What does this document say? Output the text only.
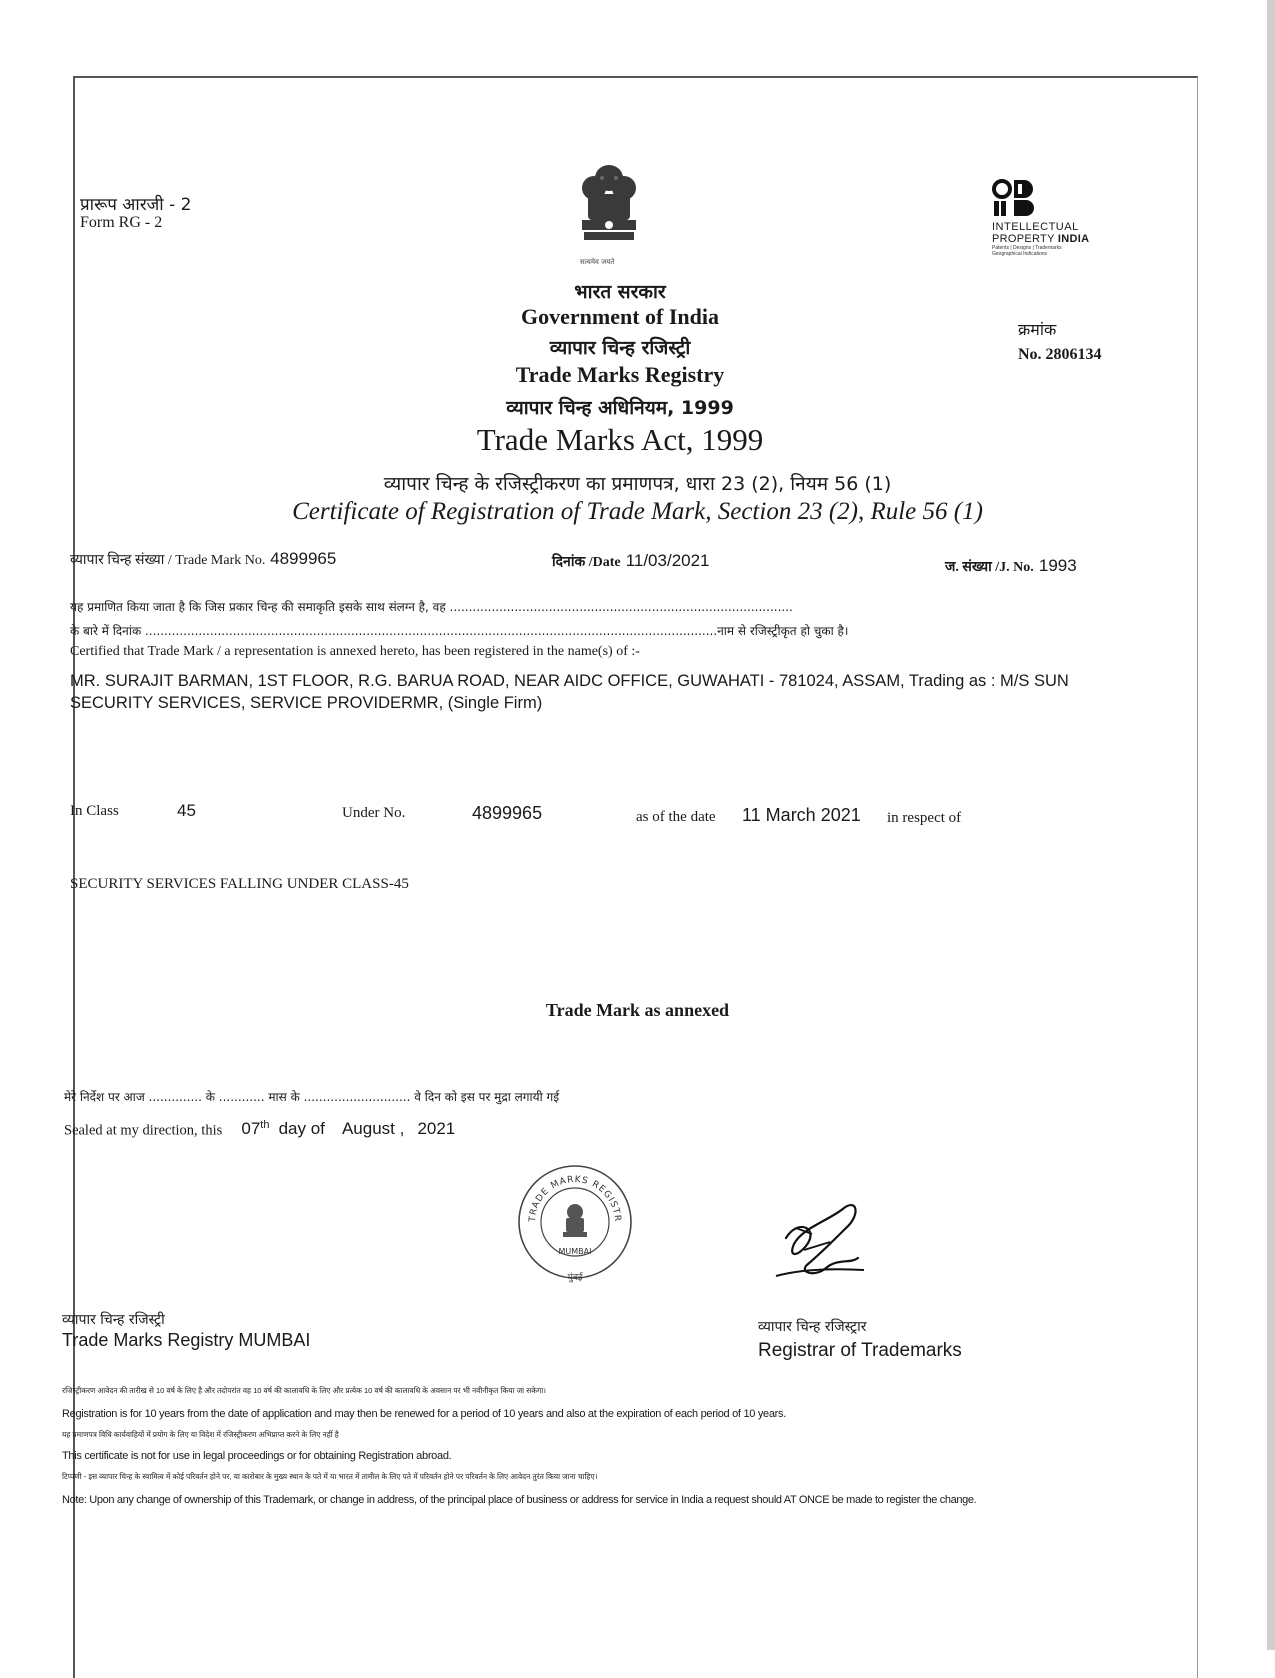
प्रारूप आरजी - 2
Form RG - 2
सत्यमेव जयते
INTELLECTUAL
PROPERTY INDIA
Patents | Designs | Trademarks
Geographical Indications
क्रमांक
No. 2806134
भारत सरकार
Government of India
व्यापार चिन्ह रजिस्ट्री
Trade Marks Registry
व्यापार चिन्ह अधिनियम, 1999
Trade Marks Act, 1999
व्यापार चिन्ह के रजिस्ट्रीकरण का प्रमाणपत्र, धारा 23 (2), नियम 56 (1)
Certificate of Registration of Trade Mark, Section 23 (2), Rule 56 (1)
व्यापार चिन्ह संख्या / Trade Mark No. 4899965	दिनांक /Date 11/03/2021	ज. संख्या /J. No. 1993
यह प्रमाणित किया जाता है कि जिस प्रकार चिन्ह की समाकृति इसके साथ संलग्न है, वह ..........................................................................................
के बारे में दिनांक ......................................................................................................................................................नाम से रजिस्ट्रीकृत हो चुका है।
Certified that Trade Mark / a representation is annexed hereto, has been registered in the name(s) of :-
MR. SURAJIT BARMAN, 1ST FLOOR, R.G. BARUA ROAD, NEAR AIDC OFFICE, GUWAHATI - 781024, ASSAM, Trading as : M/S SUN
SECURITY SERVICES, SERVICE PROVIDERMR, (Single Firm)
In Class	45	Under No.	4899965	as of the date 11 March 2021 in respect of
SECURITY SERVICES FALLING UNDER CLASS-45
Trade Mark as annexed
मेरे निर्देश पर आज .............. के ............ मास के ............................ वे दिन को इस पर मुद्रा लगायी गई
Sealed at my direction, this 07th day of August , 2021
TRADE MARKS REGISTR
MUMBAI
मुंबई
व्यापार चिन्ह रजिस्ट्री
Trade Marks Registry MUMBAI
व्यापार चिन्ह रजिस्ट्रार
Registrar of Trademarks
रजिस्ट्रीकरण आवेदन की तारीख से 10 वर्ष के लिए है और तदोपरांत वह 10 वर्ष की कालावधि के लिए और प्रत्येक 10 वर्ष की कालावधि के अवसान पर भी नवीनीकृत किया जा सकेगा।
Registration is for 10 years from the date of application and may then be renewed for a period of 10 years and also at the expiration of each period of 10 years.
यह प्रमाणपत्र विधि कार्यवाहियों में प्रयोग के लिए या विदेश में रजिस्ट्रीकरण अभिप्राप्त करने के लिए नहीं है
This certificate is not for use in legal proceedings or for obtaining Registration abroad.
टिप्पणी - इस व्यापार चिन्ह के स्वामित्व में कोई परिवर्तन होने पर, या कारोबार के मुख्य स्थान के पते में या भारत में तामील के लिए पते में परिवर्तन होने पर परिवर्तन के लिए आवेदन तुरंत किया जाना चाहिए।
Note: Upon any change of ownership of this Trademark, or change in address, of the principal place of business or address for service in India a request should AT ONCE be made to register the change.
